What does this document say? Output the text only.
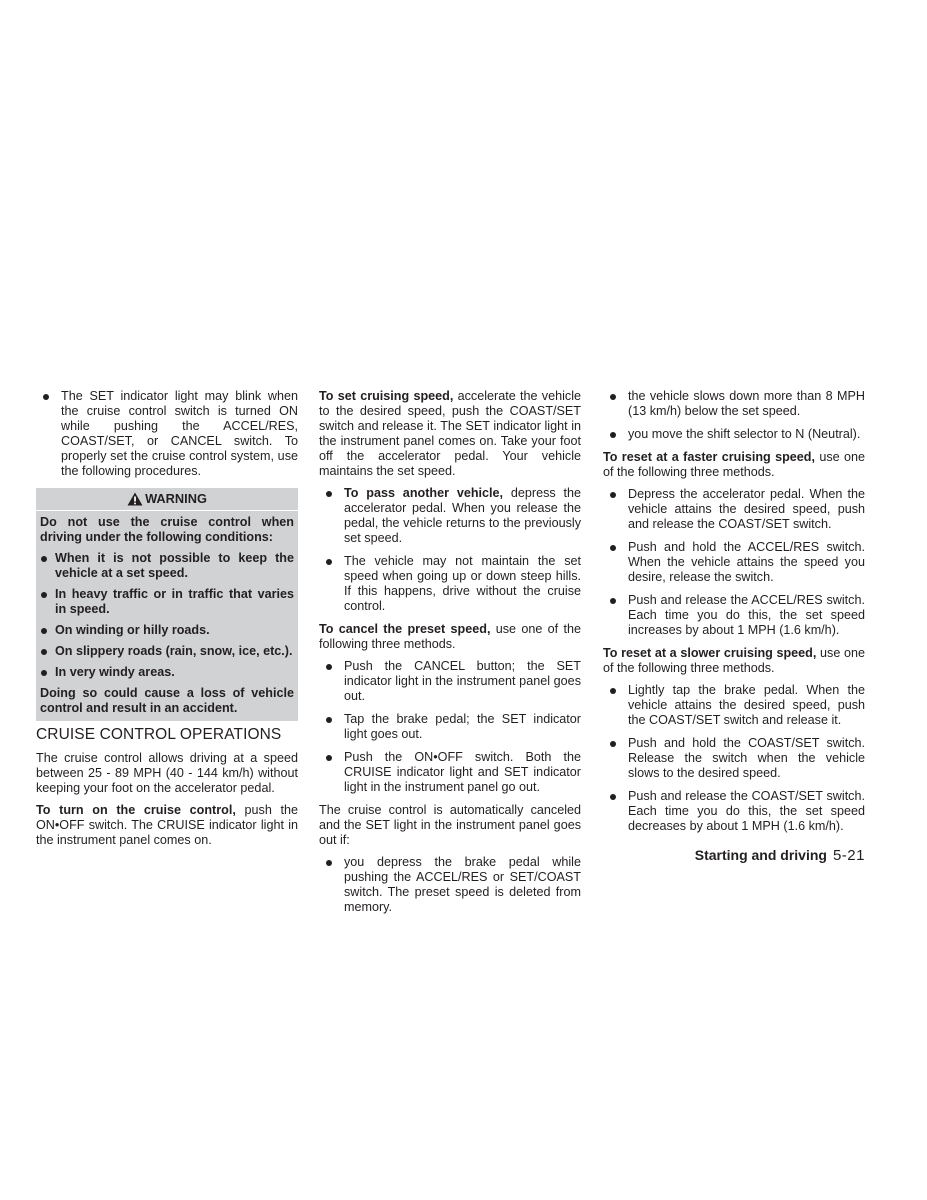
The SET indicator light may blink when the cruise control switch is turned ON while pushing the ACCEL/RES, COAST/SET, or CANCEL switch. To properly set the cruise control system, use the following procedures.
WARNING

Do not use the cruise control when driving under the following conditions:

When it is not possible to keep the vehicle at a set speed.
In heavy traffic or in traffic that varies in speed.
On winding or hilly roads.
On slippery roads (rain, snow, ice, etc.).
In very windy areas.

Doing so could cause a loss of vehicle control and result in an accident.

CRUISE CONTROL OPERATIONS

The cruise control allows driving at a speed between 25 - 89 MPH (40 - 144 km/h) without keeping your foot on the accelerator pedal.

To turn on the cruise control, push the ON•OFF switch. The CRUISE indicator light in the instrument panel comes on.

To set cruising speed, accelerate the vehicle to the desired speed, push the COAST/SET switch and release it. The SET indicator light in the instrument panel comes on. Take your foot off the accelerator pedal. Your vehicle maintains the set speed.

To pass another vehicle, depress the accelerator pedal. When you release the pedal, the vehicle returns to the previously set speed.
The vehicle may not maintain the set speed when going up or down steep hills. If this happens, drive without the cruise control.

To cancel the preset speed, use one of the following three methods.

Push the CANCEL button; the SET indicator light in the instrument panel goes out.
Tap the brake pedal; the SET indicator light goes out.
Push the ON•OFF switch. Both the CRUISE indicator light and SET indicator light in the instrument panel go out.

The cruise control is automatically canceled and the SET light in the instrument panel goes out if:

you depress the brake pedal while pushing the ACCEL/RES or SET/COAST switch. The preset speed is deleted from memory.
the vehicle slows down more than 8 MPH (13 km/h) below the set speed.
you move the shift selector to N (Neutral).

To reset at a faster cruising speed, use one of the following three methods.

Depress the accelerator pedal. When the vehicle attains the desired speed, push and release the COAST/SET switch.
Push and hold the ACCEL/RES switch. When the vehicle attains the speed you desire, release the switch.
Push and release the ACCEL/RES switch. Each time you do this, the set speed increases by about 1 MPH (1.6 km/h).

To reset at a slower cruising speed, use one of the following three methods.

Lightly tap the brake pedal. When the vehicle attains the desired speed, push the COAST/SET switch and release it.
Push and hold the COAST/SET switch. Release the switch when the vehicle slows to the desired speed.
Push and release the COAST/SET switch. Each time you do this, the set speed decreases by about 1 MPH (1.6 km/h).
Starting and driving 5-21
